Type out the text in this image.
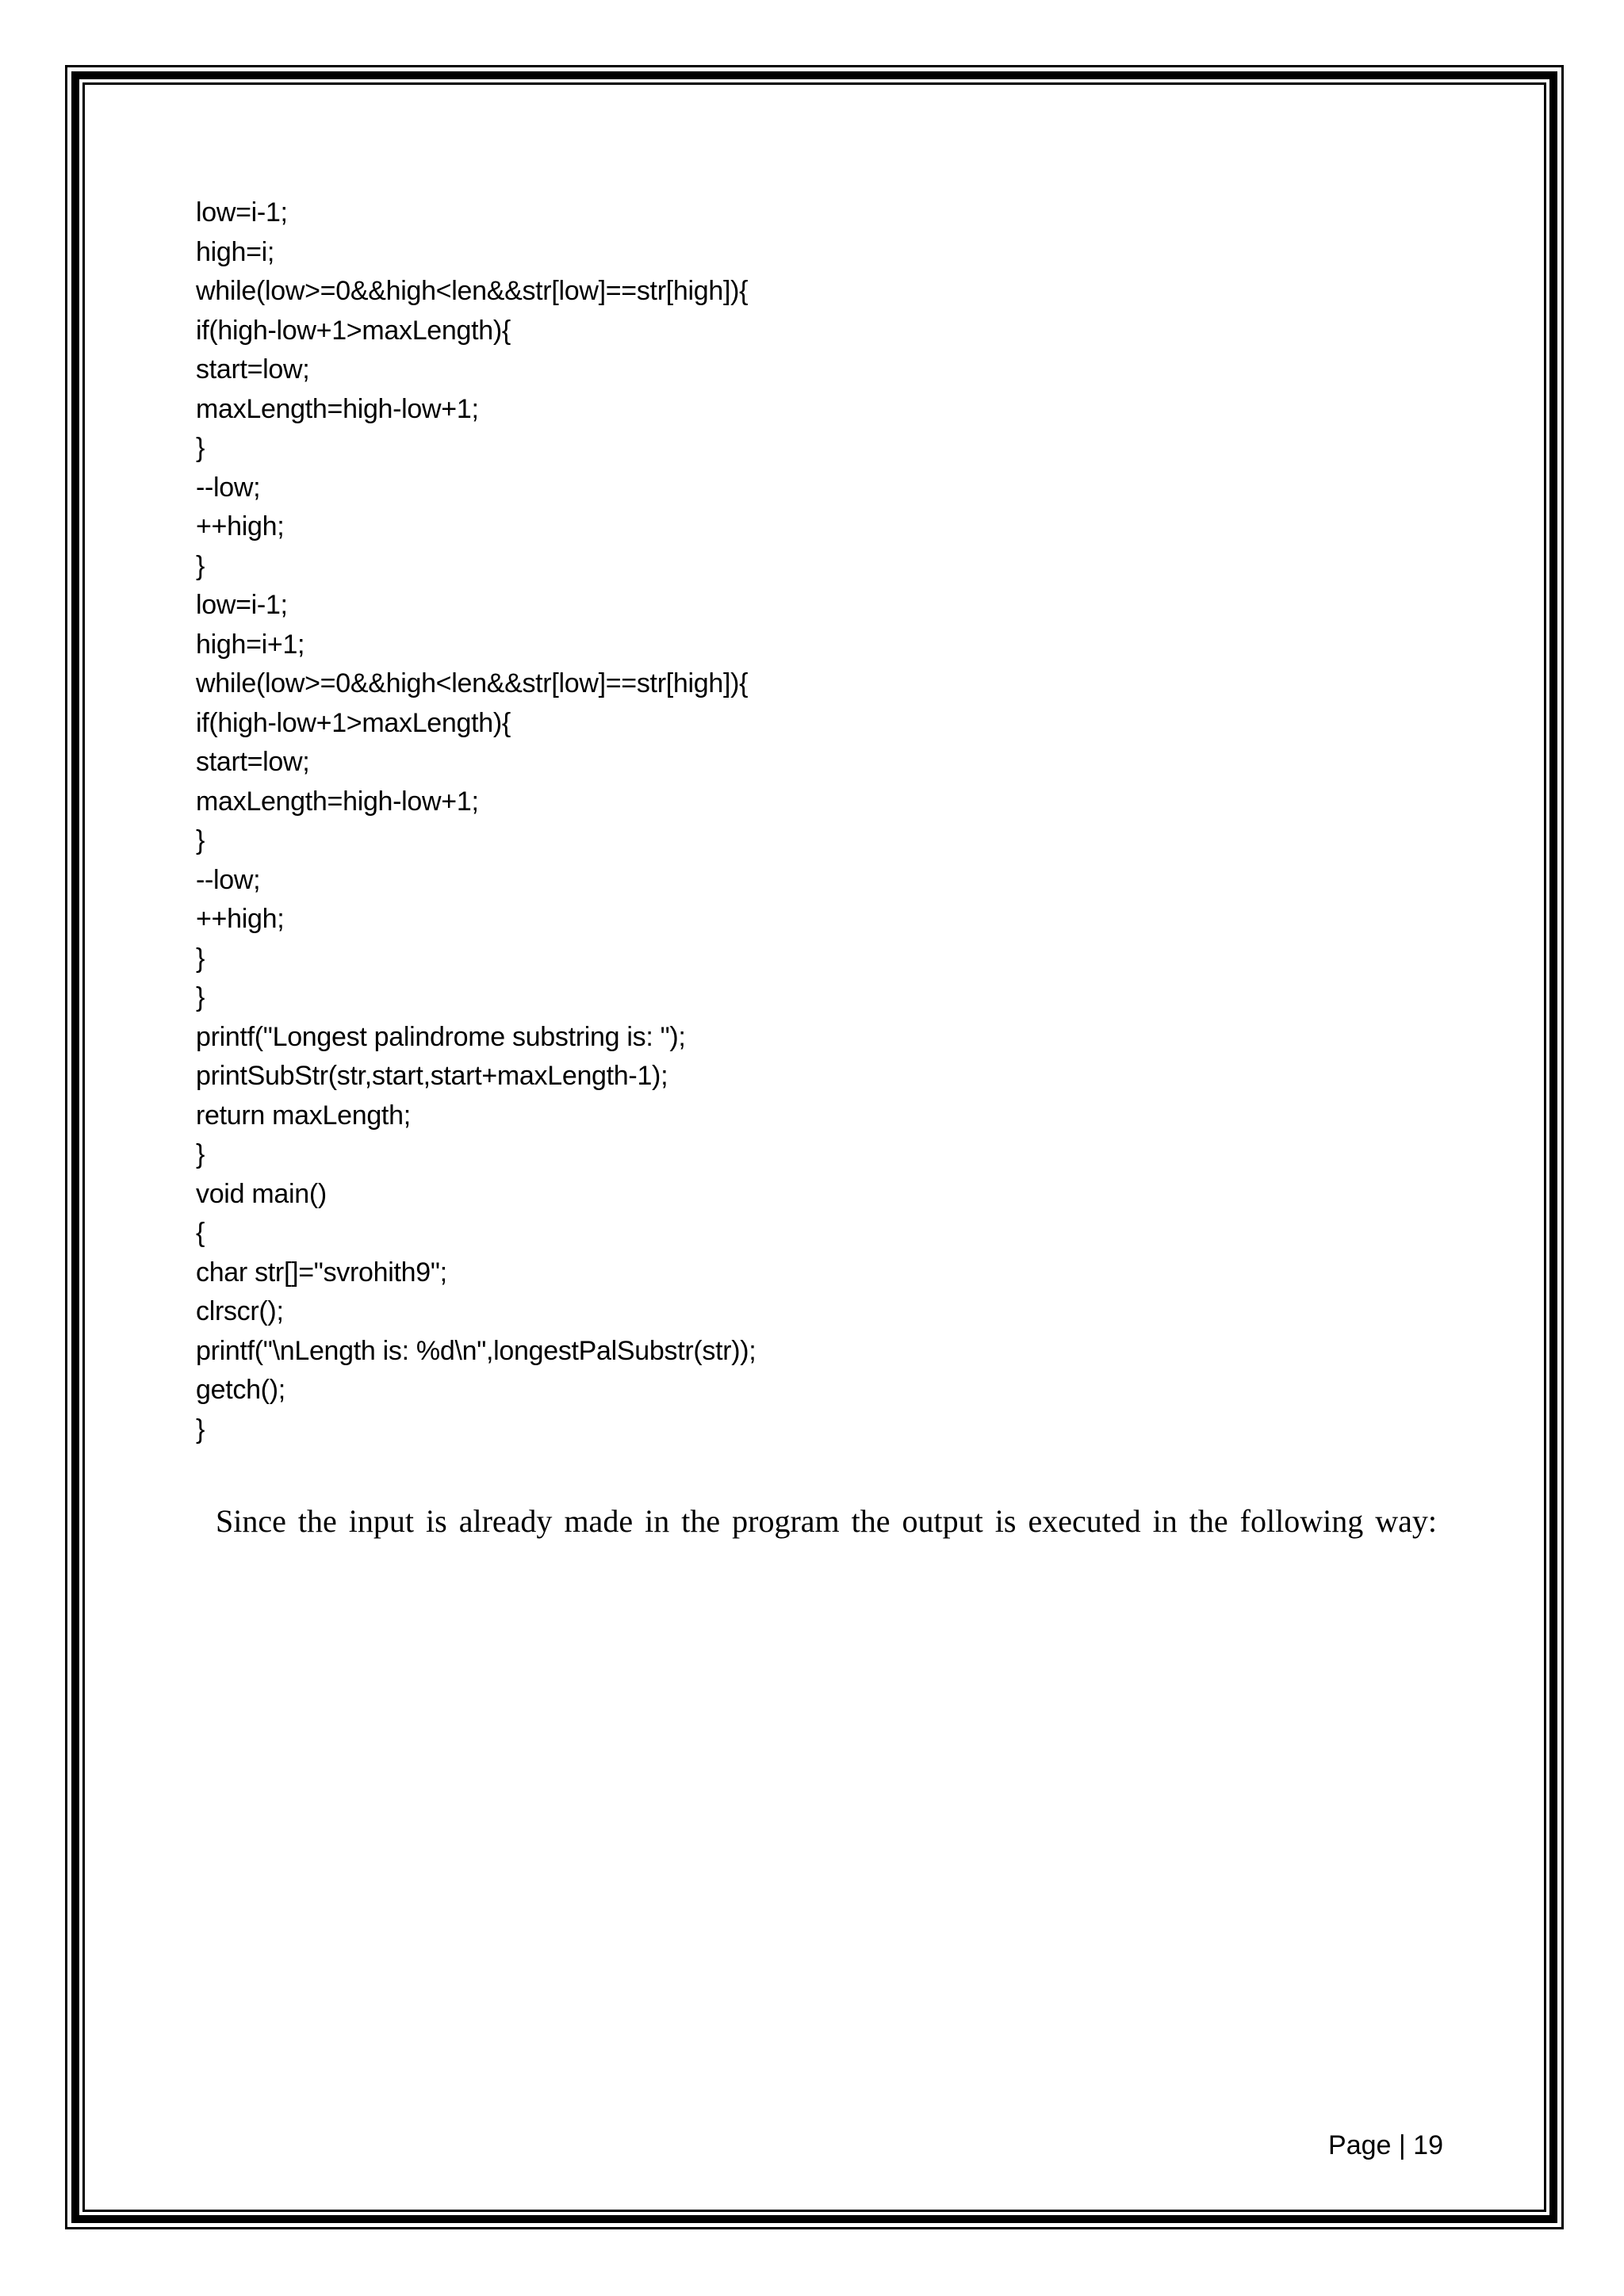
low=i-1;
high=i;
while(low>=0&&high<len&&str[low]==str[high]){
if(high-low+1>maxLength){
start=low;
maxLength=high-low+1;
}
--low;
++high;
}
low=i-1;
high=i+1;
while(low>=0&&high<len&&str[low]==str[high]){
if(high-low+1>maxLength){
start=low;
maxLength=high-low+1;
}
--low;
++high;
}
}
printf("Longest palindrome substring is: ");
printSubStr(str,start,start+maxLength-1);
return maxLength;
}
void main()
{
char str[]="svrohith9";
clrscr();
printf("\nLength is: %d\n",longestPalSubstr(str));
getch();
}
Since the input is already made in the program the output is executed in the following way:
Page | 19
